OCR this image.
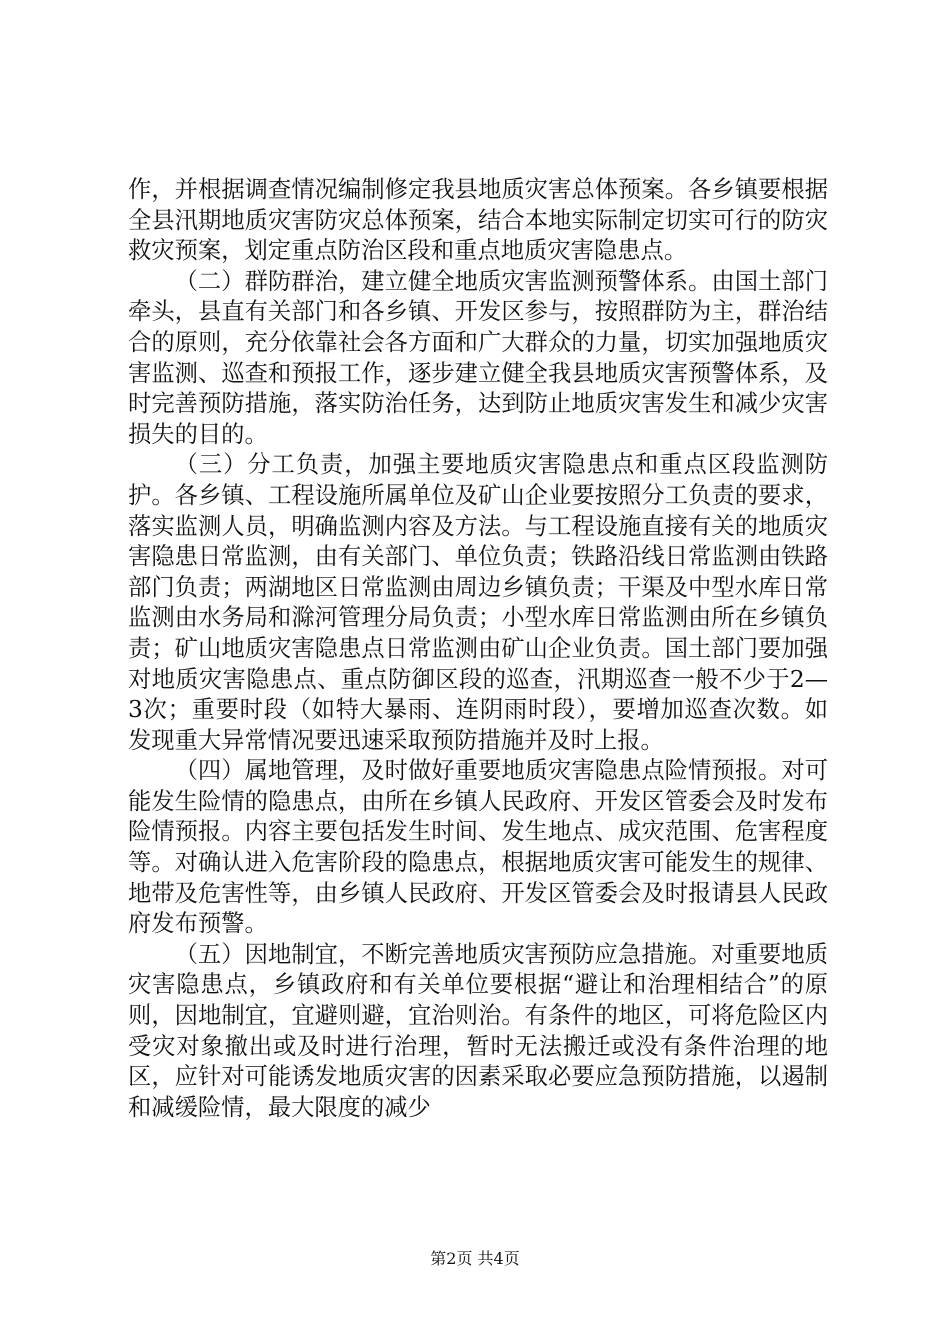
作，并根据调查情况编制修定我县地质灾害总体预案。各乡镇要根据全县汛期地质灾害防灾总体预案，结合本地实际制定切实可行的防灾救灾预案，划定重点防治区段和重点地质灾害隐患点。

（二）群防群治，建立健全地质灾害监测预警体系。由国土部门牵头，县直有关部门和各乡镇、开发区参与，按照群防为主，群治结合的原则，充分依靠社会各方面和广大群众的力量，切实加强地质灾害监测、巡查和预报工作，逐步建立健全我县地质灾害预警体系，及时完善预防措施，落实防治任务，达到防止地质灾害发生和减少灾害损失的目的。

（三）分工负责，加强主要地质灾害隐患点和重点区段监测防护。各乡镇、工程设施所属单位及矿山企业要按照分工负责的要求，落实监测人员，明确监测内容及方法。与工程设施直接有关的地质灾害隐患日常监测，由有关部门、单位负责；铁路沿线日常监测由铁路部门负责；两湖地区日常监测由周边乡镇负责；干渠及中型水库日常监测由水务局和滁河管理分局负责；小型水库日常监测由所在乡镇负责；矿山地质灾害隐患点日常监测由矿山企业负责。国土部门要加强对地质灾害隐患点、重点防御区段的巡查，汛期巡查一般不少于2—3次；重要时段（如特大暴雨、连阴雨时段），要增加巡查次数。如发现重大异常情况要迅速采取预防措施并及时上报。

（四）属地管理，及时做好重要地质灾害隐患点险情预报。对可能发生险情的隐患点，由所在乡镇人民政府、开发区管委会及时发布险情预报。内容主要包括发生时间、发生地点、成灾范围、危害程度等。对确认进入危害阶段的隐患点，根据地质灾害可能发生的规律、地带及危害性等，由乡镇人民政府、开发区管委会及时报请县人民政府发布预警。

（五）因地制宜，不断完善地质灾害预防应急措施。对重要地质灾害隐患点，乡镇政府和有关单位要根据“避让和治理相结合”的原则，因地制宜，宜避则避，宜治则治。有条件的地区，可将危险区内受灾对象撤出或及时进行治理，暂时无法搬迁或没有条件治理的地区，应针对可能诱发地质灾害的因素采取必要应急预防措施，以遏制和减缓险情，最大限度的减少

第2页 共4页
